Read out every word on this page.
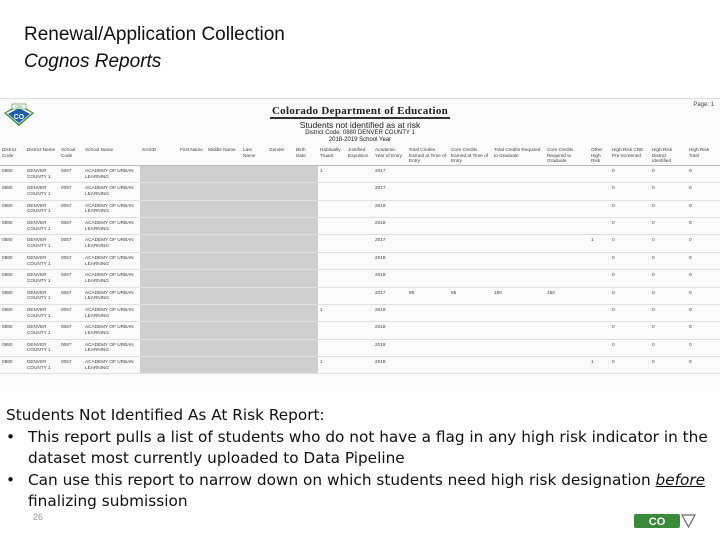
Renewal/Application Collection
Cognos Reports
CDE
CO
Colorado Department of Education
Students not identified as at risk
District Code: 0880 DENVER COUNTY 1
2018-2019 School Year
Page: 1
District Code	District Name	School Code	School Name	SASID	First Name	Middle Name	Last Name	Gender	Birth Date	Habitually Truant	Justified Expulsion	Academic Year of Entry	Total Credits Earned at Time of Entry	Core Credits Earned at Time of Entry	Total Credits Required to Graduate	Core Credits Required to Graduate	Other High Risk	High Risk CDE Pre-Screened	High Risk District Identified	High Risk Total
0880	DENVER COUNTY 1	0067	ACADEMY OF URBAN LEARNING							1		2017						0	0	0
0880	DENVER COUNTY 1	0067	ACADEMY OF URBAN LEARNING									2017						0	0	0
0880	DENVER COUNTY 1	0067	ACADEMY OF URBAN LEARNING									2018						0	0	0
0880	DENVER COUNTY 1	0067	ACADEMY OF URBAN LEARNING									2018						0	0	0
0880	DENVER COUNTY 1	0067	ACADEMY OF URBAN LEARNING									2017					1	0	0	0
0880	DENVER COUNTY 1	0067	ACADEMY OF URBAN LEARNING									2018						0	0	0
0880	DENVER COUNTY 1	0067	ACADEMY OF URBAN LEARNING									2018						0	0	0
0880	DENVER COUNTY 1	0067	ACADEMY OF URBAN LEARNING									2017	85	85	180	180		0	0	0
0880	DENVER COUNTY 1	0067	ACADEMY OF URBAN LEARNING							1		2018						0	0	0
0880	DENVER COUNTY 1	0067	ACADEMY OF URBAN LEARNING									2018						0	0	0
0880	DENVER COUNTY 1	0067	ACADEMY OF URBAN LEARNING									2018						0	0	0
0880	DENVER COUNTY 1	0067	ACADEMY OF URBAN LEARNING							1		2018					1	0	0	0
Students Not Identified As At Risk Report:
• This report pulls a list of students who do not have a flag in any high risk indicator in the dataset most currently uploaded to Data Pipeline
• Can use this report to narrow down on which students need high risk designation before finalizing submission
26	CO
